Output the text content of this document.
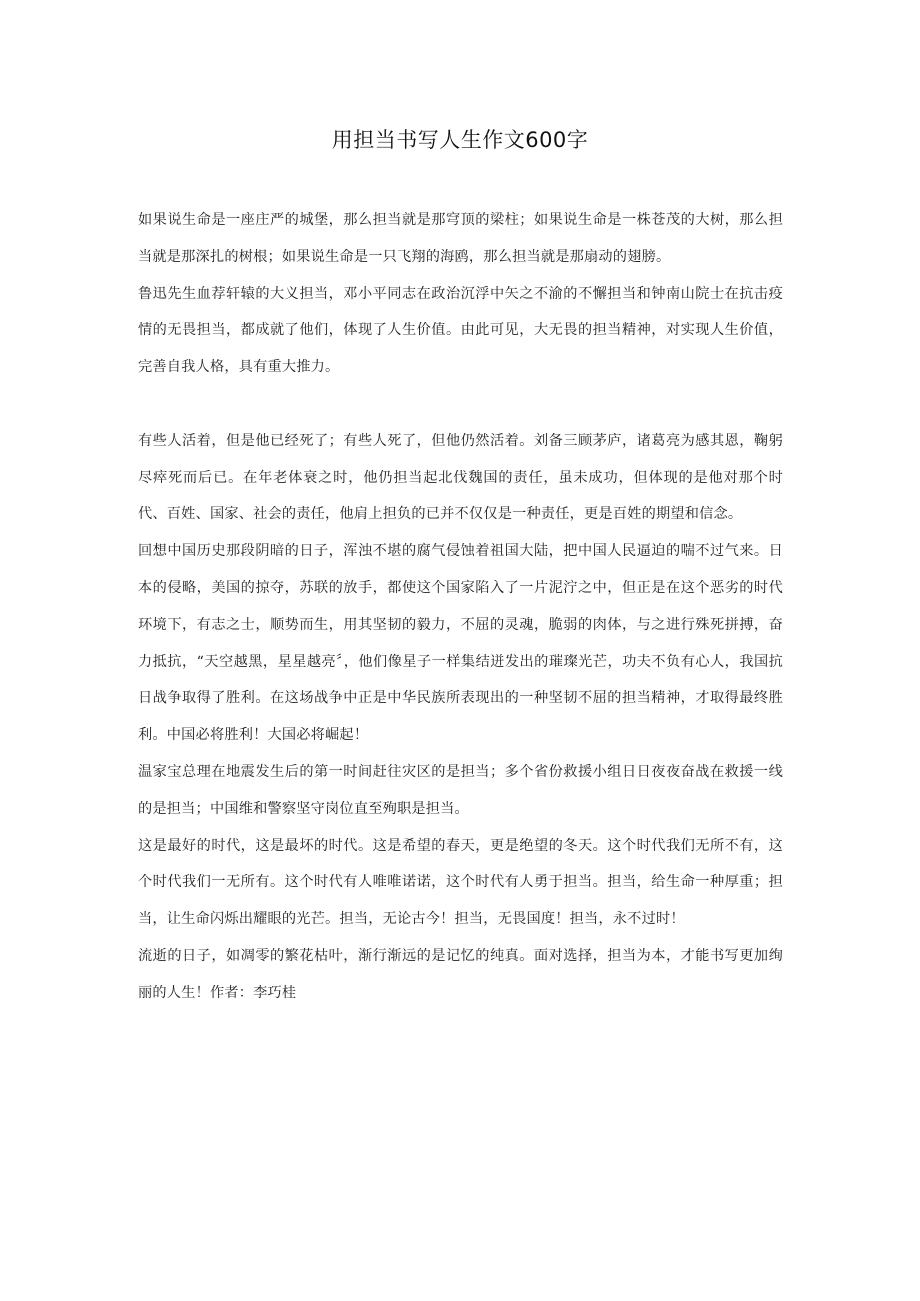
用担当书写人生作文600字

如果说生命是一座庄严的城堡，那么担当就是那穹顶的梁柱；如果说生命是一株苍茂的大树，那么担当就是那深扎的树根；如果说生命是一只飞翔的海鸥，那么担当就是那扇动的翅膀。

鲁迅先生血荐轩辕的大义担当，邓小平同志在政治沉浮中矢之不渝的不懈担当和钟南山院士在抗击疫情的无畏担当，都成就了他们，体现了人生价值。由此可见，大无畏的担当精神，对实现人生价值，完善自我人格，具有重大推力。

有些人活着，但是他已经死了；有些人死了，但他仍然活着。刘备三顾茅庐，诸葛亮为感其恩，鞠躬尽瘁死而后已。在年老体衰之时，他仍担当起北伐魏国的责任，虽未成功，但体现的是他对那个时代、百姓、国家、社会的责任，他肩上担负的已并不仅仅是一种责任，更是百姓的期望和信念。

回想中国历史那段阴暗的日子，浑浊不堪的腐气侵蚀着祖国大陆，把中国人民逼迫的喘不过气来。日本的侵略，美国的掠夺，苏联的放手，都使这个国家陷入了一片泥泞之中，但正是在这个恶劣的时代环境下，有志之士，顺势而生，用其坚韧的毅力，不屈的灵魂，脆弱的肉体，与之进行殊死拼搏，奋力抵抗，“天空越黑，星星越亮〞，他们像星子一样集结迸发出的璀璨光芒，功夫不负有心人，我国抗日战争取得了胜利。在这场战争中正是中华民族所表现出的一种坚韧不屈的担当精神，才取得最终胜利。中国必将胜利！大国必将崛起！

温家宝总理在地震发生后的第一时间赶往灾区的是担当；多个省份救援小组日日夜夜奋战在救援一线的是担当；中国维和警察坚守岗位直至殉职是担当。

这是最好的时代，这是最坏的时代。这是希望的春天，更是绝望的冬天。这个时代我们无所不有，这个时代我们一无所有。这个时代有人唯唯诺诺，这个时代有人勇于担当。担当，给生命一种厚重；担当，让生命闪烁出耀眼的光芒。担当，无论古今！担当，无畏国度！担当，永不过时！

流逝的日子，如凋零的繁花枯叶，渐行渐远的是记忆的纯真。面对选择，担当为本，才能书写更加绚丽的人生！作者：李巧桂
